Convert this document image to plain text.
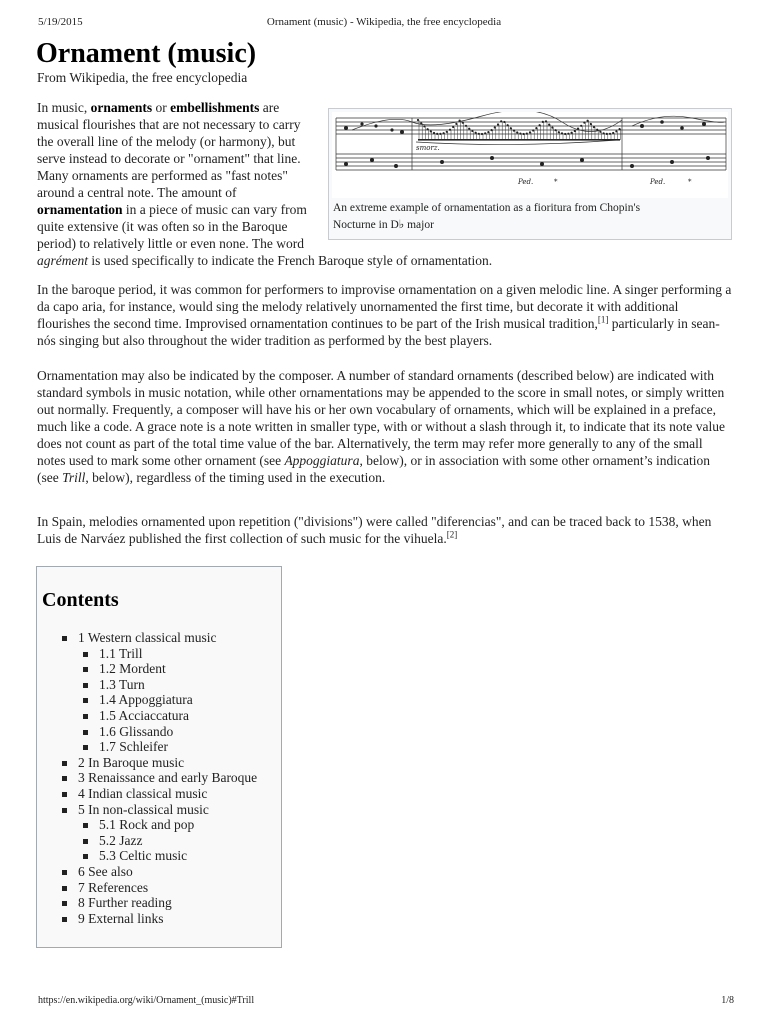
5/19/2015	Ornament (music) - Wikipedia, the free encyclopedia
Ornament (music)
From Wikipedia, the free encyclopedia
smorz.
Ped.	*	Ped.	*
An extreme example of ornamentation as a fioritura from Chopin's
Nocturne in D♭ major

In music, ornaments or embellishments are musical flourishes that are not necessary to carry the overall line of the melody (or harmony), but serve instead to decorate or "ornament" that line. Many ornaments are performed as "fast notes" around a central note. The amount of ornamentation in a piece of music can vary from quite extensive (it was often so in the Baroque period) to relatively little or even none. The word agrément is used specifically to indicate the French Baroque style of ornamentation.

In the baroque period, it was common for performers to improvise ornamentation on a given melodic line. A singer performing a da capo aria, for instance, would sing the melody relatively unornamented the first time, but decorate it with additional flourishes the second time. Improvised ornamentation continues to be part of the Irish musical tradition,[1] particularly in sean-nós singing but also throughout the wider tradition as performed by the best players.

Ornamentation may also be indicated by the composer. A number of standard ornaments (described below) are indicated with standard symbols in music notation, while other ornamentations may be appended to the score in small notes, or simply written out normally. Frequently, a composer will have his or her own vocabulary of ornaments, which will be explained in a preface, much like a code. A grace note is a note written in smaller type, with or without a slash through it, to indicate that its note value does not count as part of the total time value of the bar. Alternatively, the term may refer more generally to any of the small notes used to mark some other ornament (see Appoggiatura, below), or in association with some other ornament’s indication (see Trill, below), regardless of the timing used in the execution.

In Spain, melodies ornamented upon repetition ("divisions") were called "diferencias", and can be traced back to 1538, when Luis de Narváez published the first collection of such music for the vihuela.[2]

Contents
1 Western classical music
1.1 Trill
1.2 Mordent
1.3 Turn
1.4 Appoggiatura
1.5 Acciaccatura
1.6 Glissando
1.7 Schleifer
2 In Baroque music
3 Renaissance and early Baroque
4 Indian classical music
5 In non-classical music
5.1 Rock and pop
5.2 Jazz
5.3 Celtic music
6 See also
7 References
8 Further reading
9 External links
https://en.wikipedia.org/wiki/Ornament_(music)#Trill	1/8
